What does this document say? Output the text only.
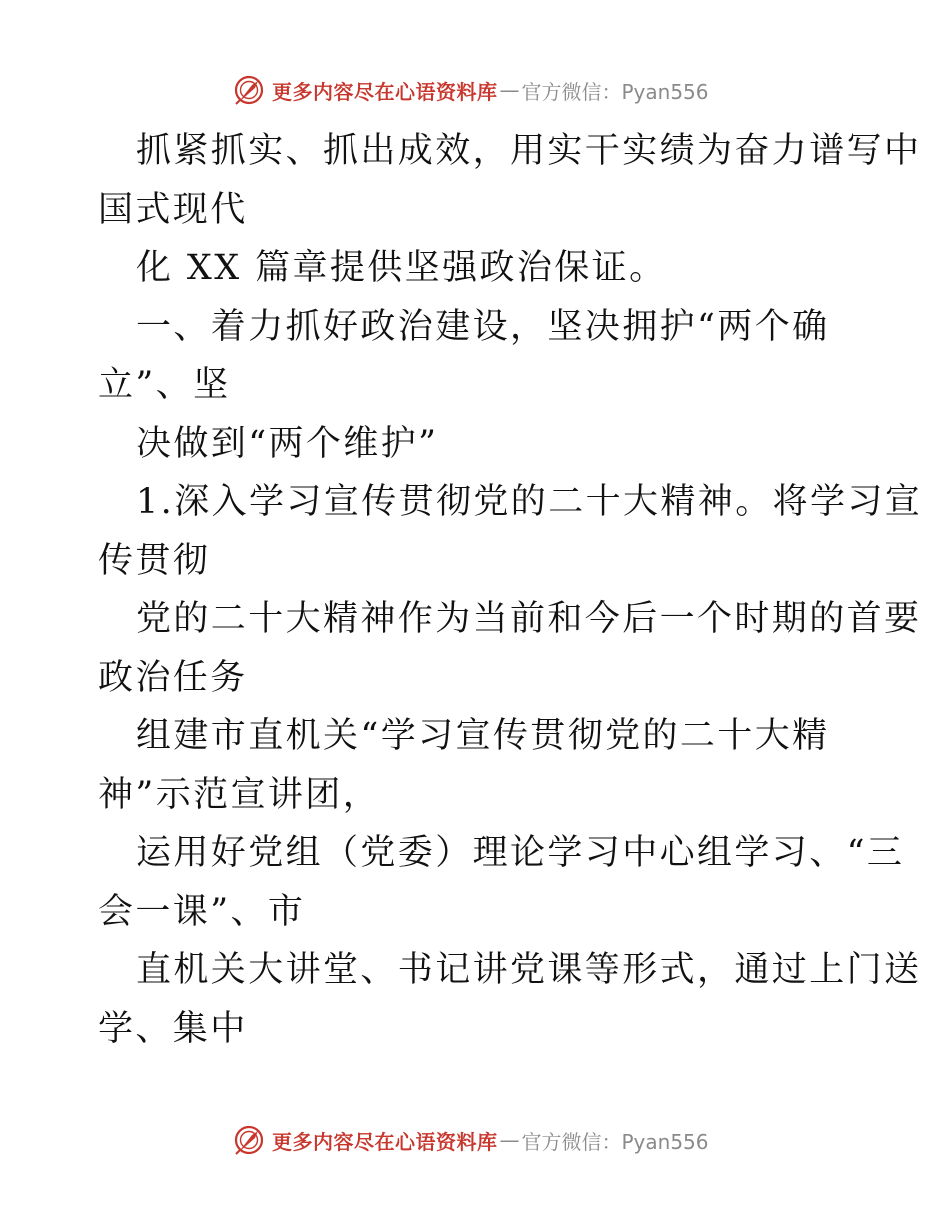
更多内容尽在心语资料库 — 官方微信：Pyan556
抓紧抓实、抓出成效，用实干实绩为奋力谱写中
国式现代
化 XX 篇章提供坚强政治保证。
一、着力抓好政治建设，坚决拥护“两个确
立”、坚
决做到“两个维护”
1.深入学习宣传贯彻党的二十大精神。将学习宣
传贯彻
党的二十大精神作为当前和今后一个时期的首要
政治任务
组建市直机关“学习宣传贯彻党的二十大精
神”示范宣讲团，
运用好党组（党委）理论学习中心组学习、“三
会一课”、市
直机关大讲堂、书记讲党课等形式，通过上门送
学、集中
更多内容尽在心语资料库 — 官方微信：Pyan556
